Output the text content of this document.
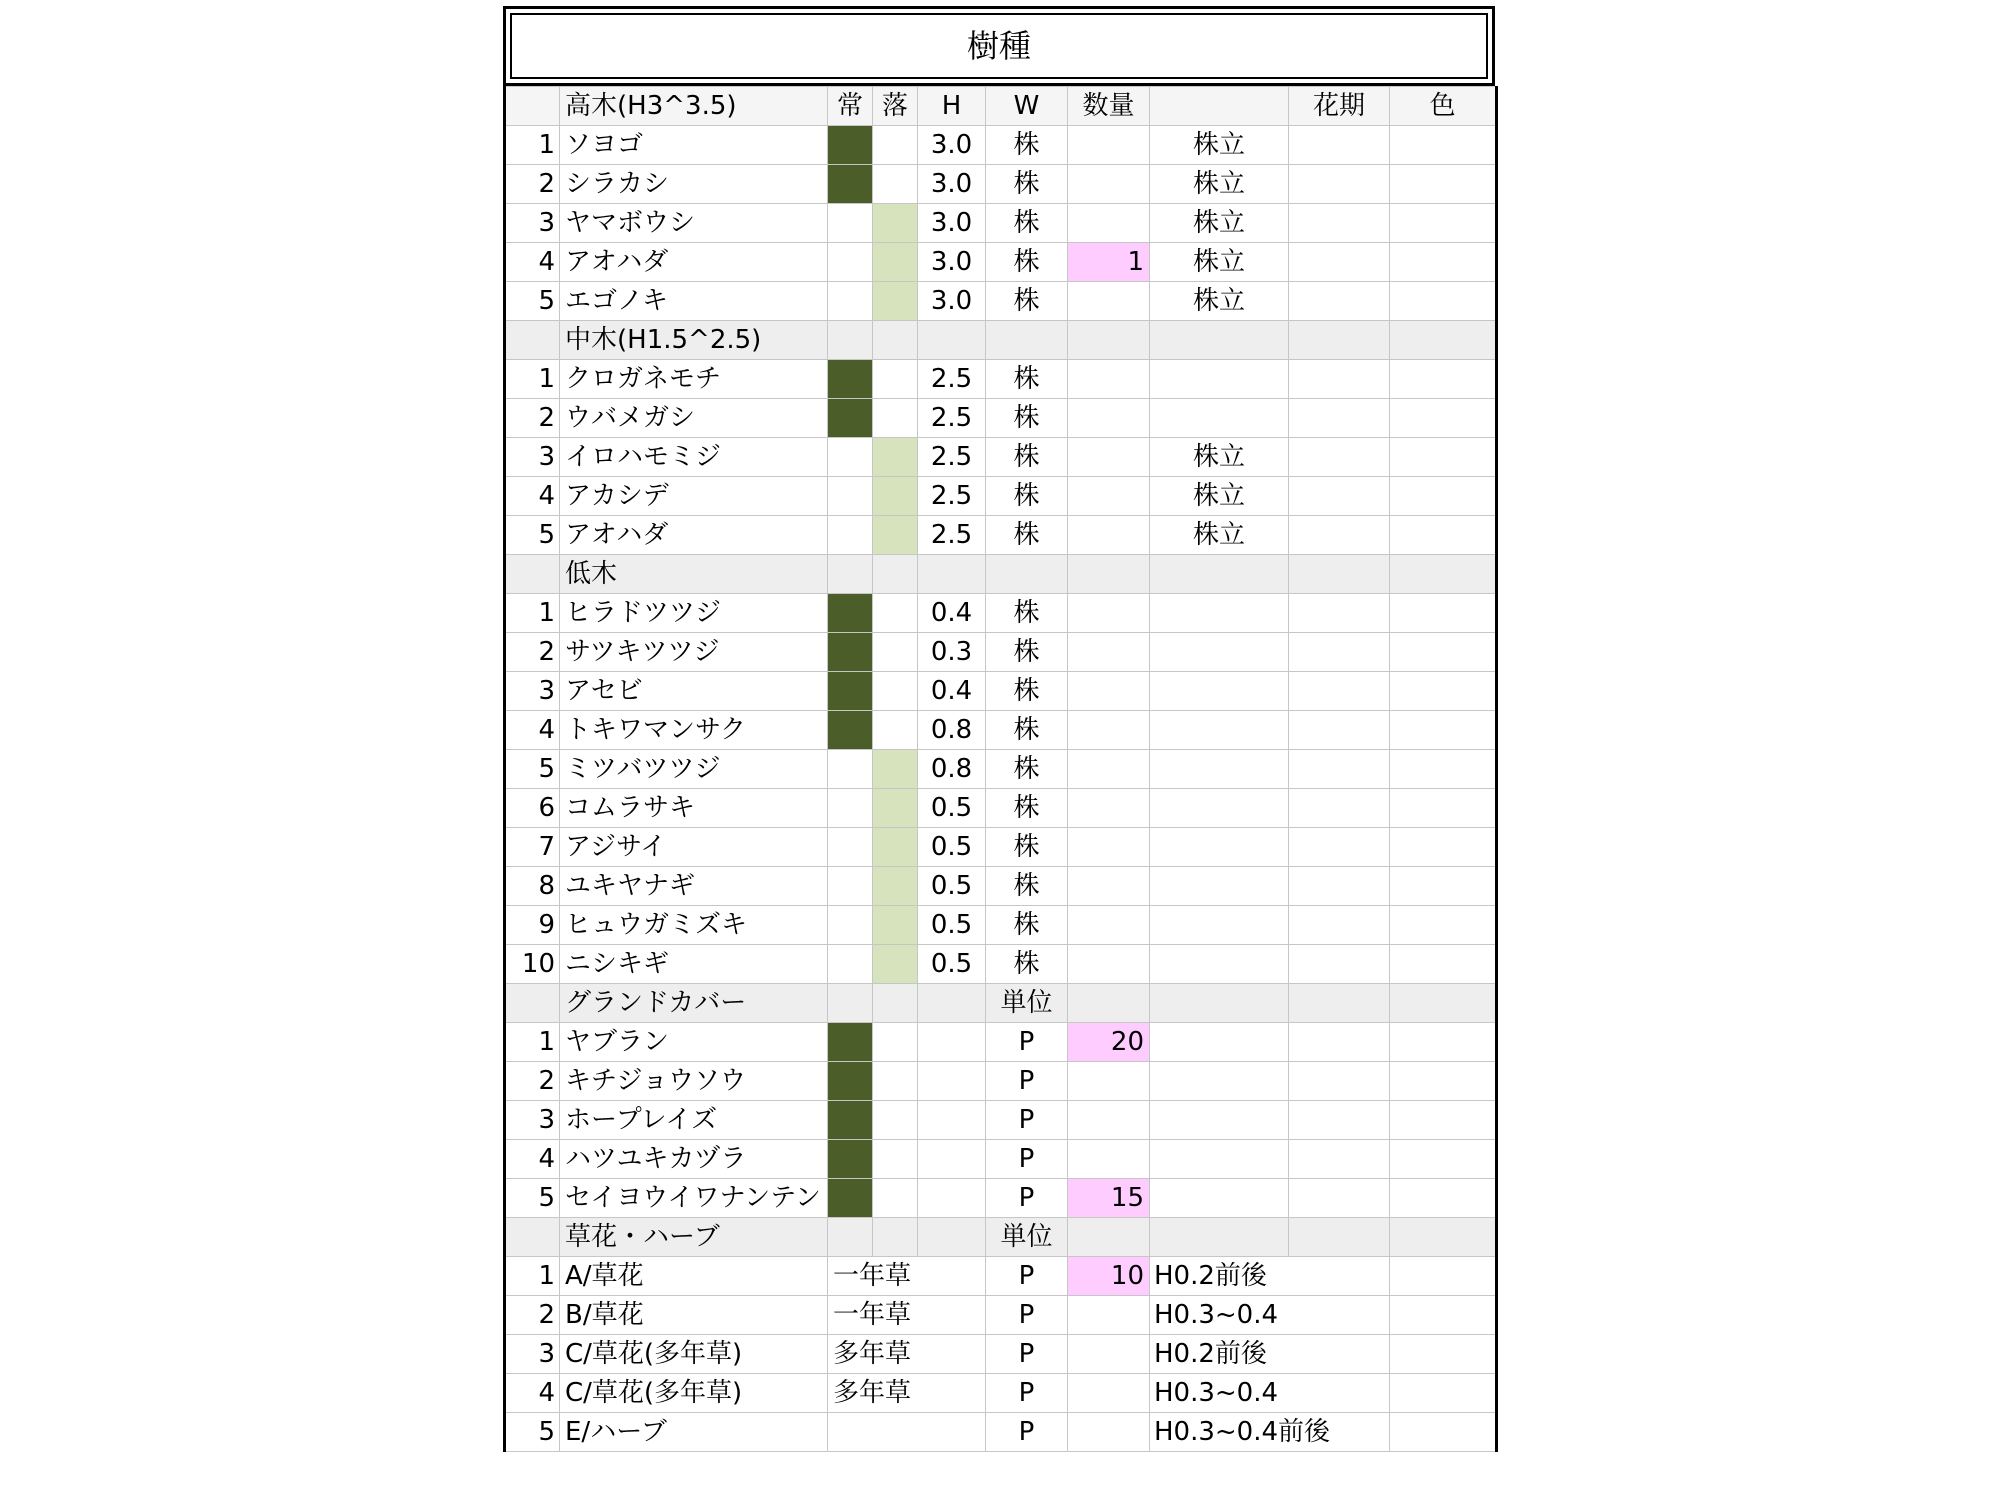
樹種
	高木(H3^3.5)	常	落	H	W	数量		花期	色
1	ソヨゴ			3.0	株		株立		
2	シラカシ			3.0	株		株立		
3	ヤマボウシ			3.0	株		株立		
4	アオハダ			3.0	株	1	株立		
5	エゴノキ			3.0	株		株立		
	中木(H1.5^2.5)								
1	クロガネモチ			2.5	株				
2	ウバメガシ			2.5	株				
3	イロハモミジ			2.5	株		株立		
4	アカシデ			2.5	株		株立		
5	アオハダ			2.5	株		株立		
	低木								
1	ヒラドツツジ			0.4	株				
2	サツキツツジ			0.3	株				
3	アセビ			0.4	株				
4	トキワマンサク			0.8	株				
5	ミツバツツジ			0.8	株				
6	コムラサキ			0.5	株				
7	アジサイ			0.5	株				
8	ユキヤナギ			0.5	株				
9	ヒュウガミズキ			0.5	株				
10	ニシキギ			0.5	株				
	グランドカバー				単位				
1	ヤブラン				P	20			
2	キチジョウソウ				P				
3	ホープレイズ				P				
4	ハツユキカヅラ				P				
5	セイヨウイワナンテン				P	15			
	草花・ハーブ				単位				
1	A/草花	一年草			P	10	H0.2前後		
2	B/草花	一年草			P		H0.3~0.4		
3	C/草花(多年草)	多年草			P		H0.2前後		
4	C/草花(多年草)	多年草			P		H0.3~0.4		
5	E/ハーブ				P		H0.3~0.4前後		
